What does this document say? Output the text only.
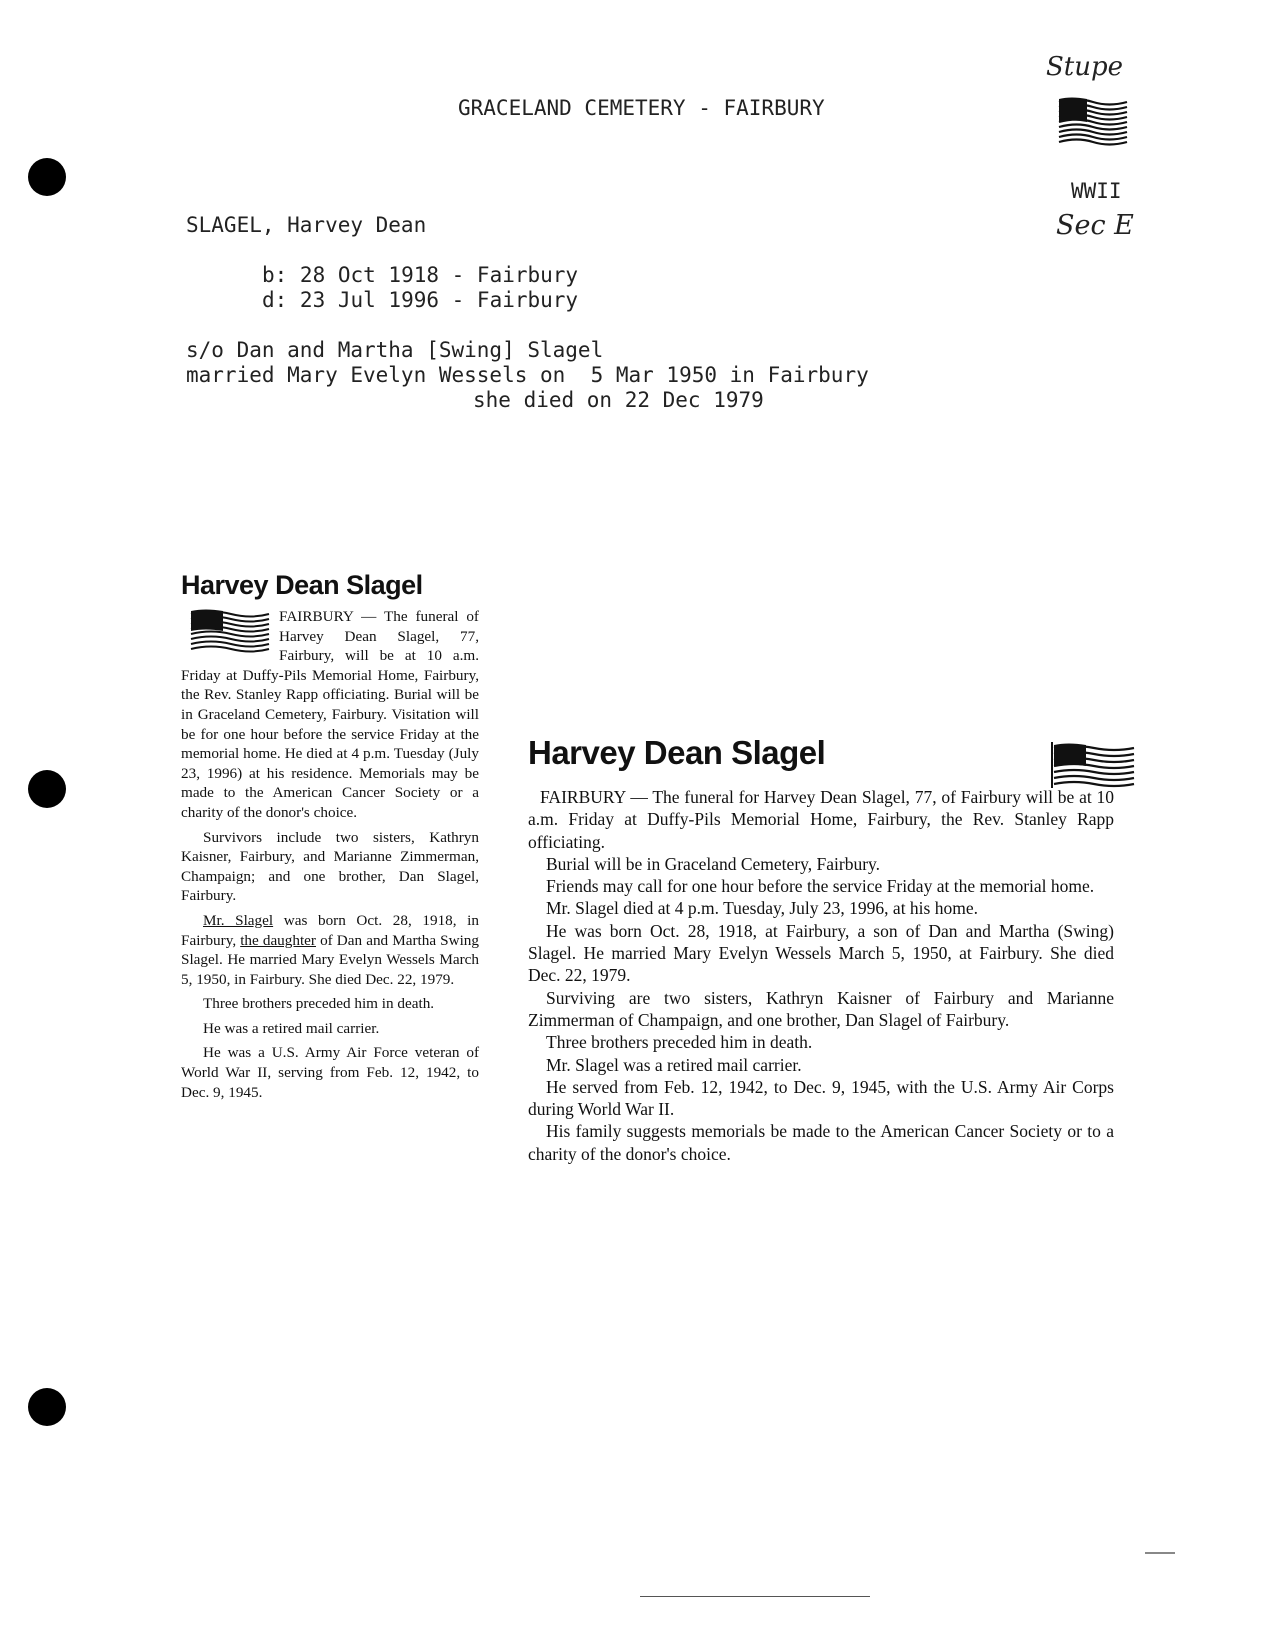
GRACELAND CEMETERY - FAIRBURY
SLAGEL, Harvey Dean
b: 28 Oct 1918 - Fairbury
d: 23 Jul 1996 - Fairbury
s/o Dan and Martha [Swing] Slagel
married Mary Evelyn Wessels on  5 Mar 1950 in Fairbury
she died on 22 Dec 1979
Stupe
WWII
Sec E
Harvey Dean Slagel

FAIRBURY — The funeral of Harvey Dean Slagel, 77, Fairbury, will be at 10 a.m. Friday at Duffy-Pils Memorial Home, Fairbury, the Rev. Stanley Rapp officiating. Burial will be in Graceland Cemetery, Fairbury. Visitation will be for one hour before the service Friday at the memorial home. He died at 4 p.m. Tuesday (July 23, 1996) at his residence. Memorials may be made to the American Cancer Society or a charity of the donor's choice.

Survivors include two sisters, Kathryn Kaisner, Fairbury, and Marianne Zimmerman, Champaign; and one brother, Dan Slagel, Fairbury.

Mr. Slagel was born Oct. 28, 1918, in Fairbury, the daughter of Dan and Martha Swing Slagel. He married Mary Evelyn Wessels March 5, 1950, in Fairbury. She died Dec. 22, 1979.

Three brothers preceded him in death.

He was a retired mail carrier.

He was a U.S. Army Air Force veteran of World War II, serving from Feb. 12, 1942, to Dec. 9, 1945.

Harvey Dean Slagel

FAIRBURY — The funeral for Harvey Dean Slagel, 77, of Fairbury will be at 10 a.m. Friday at Duffy-Pils Memorial Home, Fairbury, the Rev. Stanley Rapp officiating.

Burial will be in Graceland Cemetery, Fairbury.

Friends may call for one hour before the service Friday at the memorial home.

Mr. Slagel died at 4 p.m. Tuesday, July 23, 1996, at his home.

He was born Oct. 28, 1918, at Fairbury, a son of Dan and Martha (Swing) Slagel. He married Mary Evelyn Wessels March 5, 1950, at Fairbury. She died Dec. 22, 1979.

Surviving are two sisters, Kathryn Kaisner of Fairbury and Marianne Zimmerman of Champaign, and one brother, Dan Slagel of Fairbury.

Three brothers preceded him in death.

Mr. Slagel was a retired mail carrier.

He served from Feb. 12, 1942, to Dec. 9, 1945, with the U.S. Army Air Corps during World War II.

His family suggests memorials be made to the American Cancer Society or to a charity of the donor's choice.
